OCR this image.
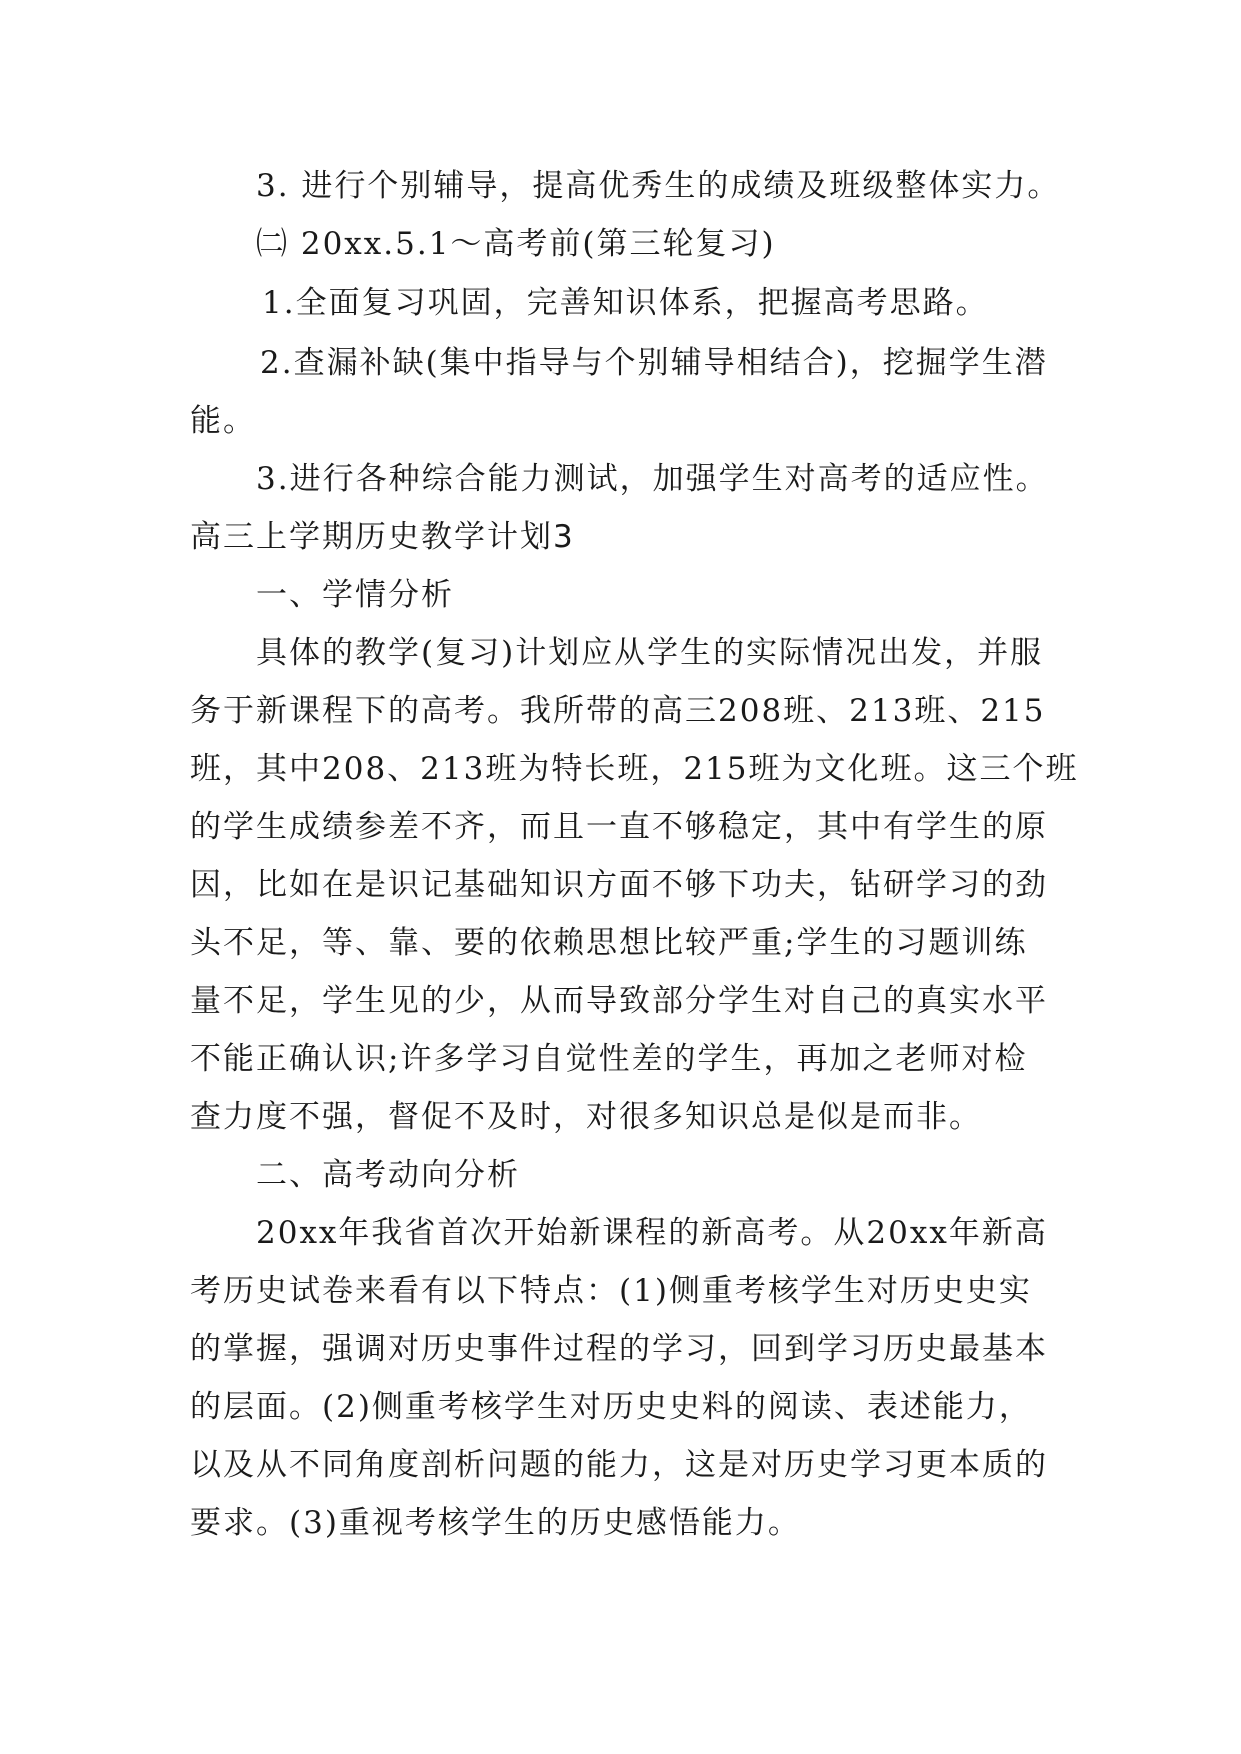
3. 进行个别辅导，提高优秀生的成绩及班级整体实力。
㈡ 20xx.5.1～高考前(第三轮复习)
1.全面复习巩固，完善知识体系，把握高考思路。
2.查漏补缺(集中指导与个别辅导相结合)，挖掘学生潜
能。
3.进行各种综合能力测试，加强学生对高考的适应性。
高三上学期历史教学计划3
一、学情分析
具体的教学(复习)计划应从学生的实际情况出发，并服
务于新课程下的高考。我所带的高三208班、213班、215
班，其中208、213班为特长班，215班为文化班。这三个班
的学生成绩参差不齐，而且一直不够稳定，其中有学生的原
因，比如在是识记基础知识方面不够下功夫，钻研学习的劲
头不足，等、靠、要的依赖思想比较严重;学生的习题训练
量不足，学生见的少，从而导致部分学生对自己的真实水平
不能正确认识;许多学习自觉性差的学生，再加之老师对检
查力度不强，督促不及时，对很多知识总是似是而非。
二、高考动向分析
20xx年我省首次开始新课程的新高考。从20xx年新高
考历史试卷来看有以下特点：(1)侧重考核学生对历史史实
的掌握，强调对历史事件过程的学习，回到学习历史最基本
的层面。(2)侧重考核学生对历史史料的阅读、表述能力，
以及从不同角度剖析问题的能力，这是对历史学习更本质的
要求。(3)重视考核学生的历史感悟能力。
